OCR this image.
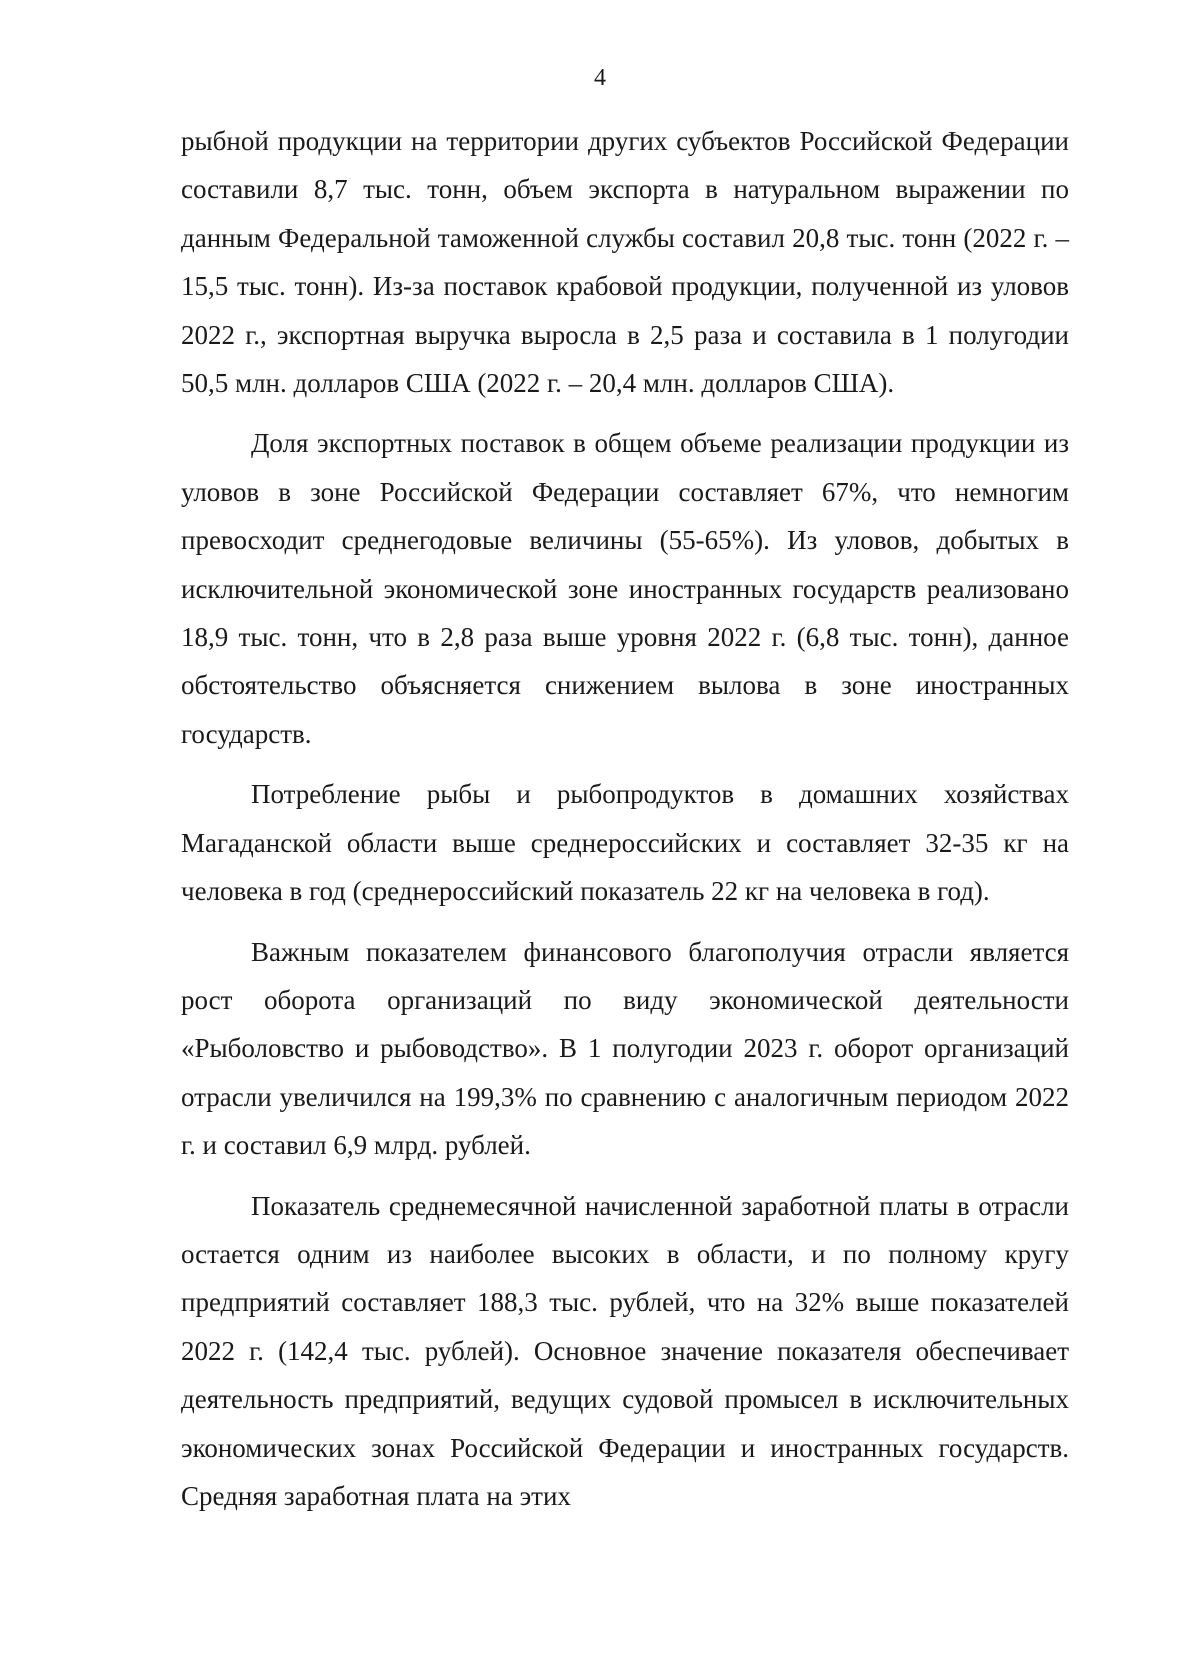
4

рыбной продукции на территории других субъектов Российской Федерации составили 8,7 тыс. тонн, объем экспорта в натуральном выражении по данным Федеральной таможенной службы составил 20,8 тыс. тонн (2022 г. – 15,5 тыс. тонн). Из-за поставок крабовой продукции, полученной из уловов 2022 г., экспортная выручка выросла в 2,5 раза и составила в 1 полугодии 50,5 млн. долларов США (2022 г. – 20,4 млн. долларов США).

Доля экспортных поставок в общем объеме реализации продукции из уловов в зоне Российской Федерации составляет 67%, что немногим превосходит среднегодовые величины (55-65%). Из уловов, добытых в исключительной экономической зоне иностранных государств реализовано 18,9 тыс. тонн, что в 2,8 раза выше уровня 2022 г. (6,8 тыс. тонн), данное обстоятельство объясняется снижением вылова в зоне иностранных государств.

Потребление рыбы и рыбопродуктов в домашних хозяйствах Магаданской области выше среднероссийских и составляет 32-35 кг на человека в год (среднероссийский показатель 22 кг на человека в год).

Важным показателем финансового благополучия отрасли является рост оборота организаций по виду экономической деятельности «Рыболовство и рыбоводство». В 1 полугодии 2023 г. оборот организаций отрасли увеличился на 199,3% по сравнению с аналогичным периодом 2022 г. и составил 6,9 млрд. рублей.

Показатель среднемесячной начисленной заработной платы в отрасли остается одним из наиболее высоких в области, и по полному кругу предприятий составляет 188,3 тыс. рублей, что на 32% выше показателей 2022 г. (142,4 тыс. рублей). Основное значение показателя обеспечивает деятельность предприятий, ведущих судовой промысел в исключительных экономических зонах Российской Федерации и иностранных государств. Средняя заработная плата на этих
